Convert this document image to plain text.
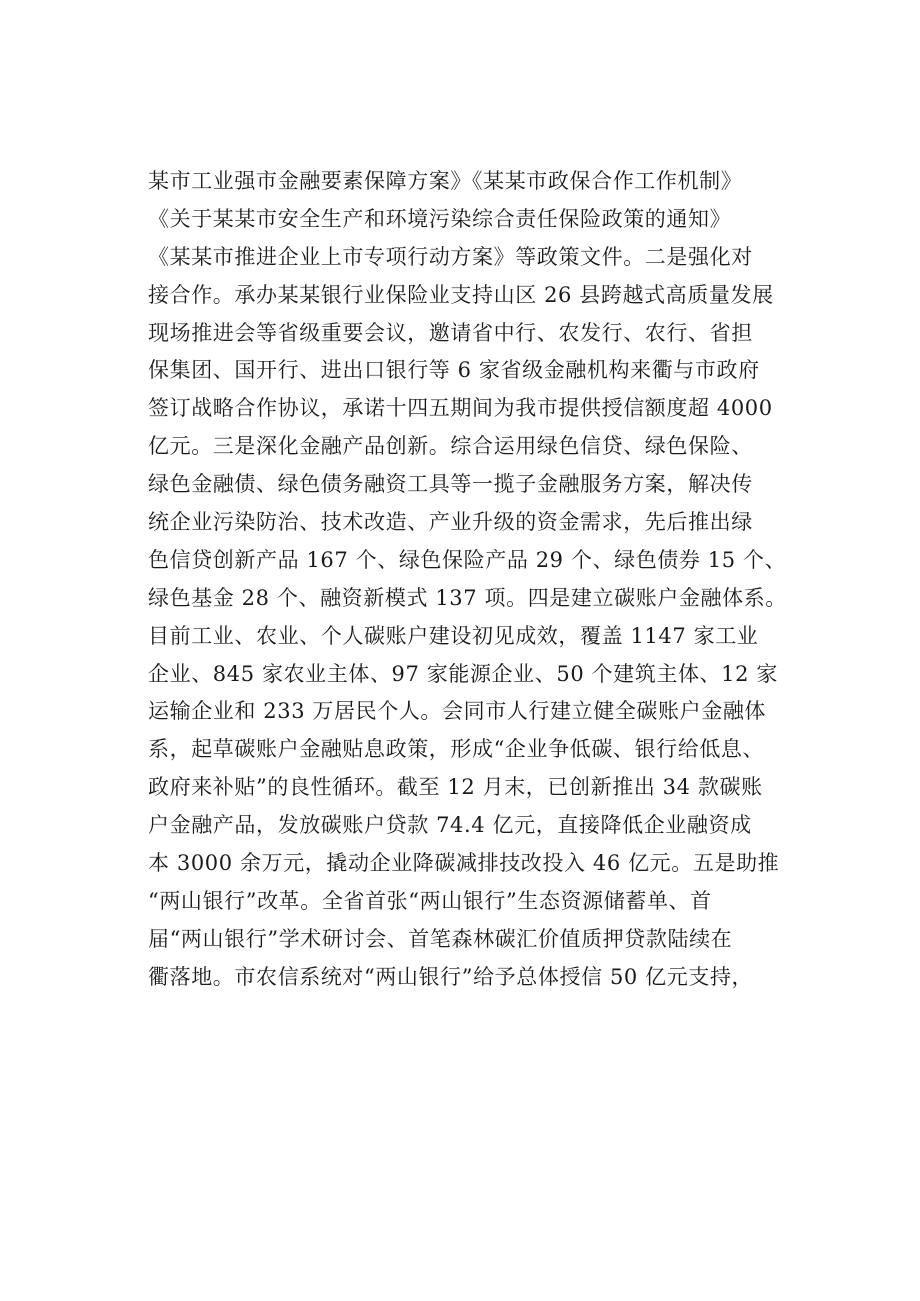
某市工业强市金融要素保障方案》《某某市政保合作工作机制》
《关于某某市安全生产和环境污染综合责任保险政策的通知》
《某某市推进企业上市专项行动方案》等政策文件。二是强化对
接合作。承办某某银行业保险业支持山区 26 县跨越式高质量发展
现场推进会等省级重要会议，邀请省中行、农发行、农行、省担
保集团、国开行、进出口银行等 6 家省级金融机构来衢与市政府
签订战略合作协议，承诺十四五期间为我市提供授信额度超 4000
亿元。三是深化金融产品创新。综合运用绿色信贷、绿色保险、
绿色金融债、绿色债务融资工具等一揽子金融服务方案，解决传
统企业污染防治、技术改造、产业升级的资金需求，先后推出绿
色信贷创新产品 167 个、绿色保险产品 29 个、绿色债券 15 个、
绿色基金 28 个、融资新模式 137 项。四是建立碳账户金融体系。
目前工业、农业、个人碳账户建设初见成效，覆盖 1147 家工业
企业、845 家农业主体、97 家能源企业、50 个建筑主体、12 家
运输企业和 233 万居民个人。会同市人行建立健全碳账户金融体
系，起草碳账户金融贴息政策，形成“企业争低碳、银行给低息、
政府来补贴”的良性循环。截至 12 月末，已创新推出 34 款碳账
户金融产品，发放碳账户贷款 74.4 亿元，直接降低企业融资成
本 3000 余万元，撬动企业降碳减排技改投入 46 亿元。五是助推
“两山银行”改革。全省首张“两山银行”生态资源储蓄单、首
届“两山银行”学术研讨会、首笔森林碳汇价值质押贷款陆续在
衢落地。市农信系统对“两山银行”给予总体授信 50 亿元支持，
